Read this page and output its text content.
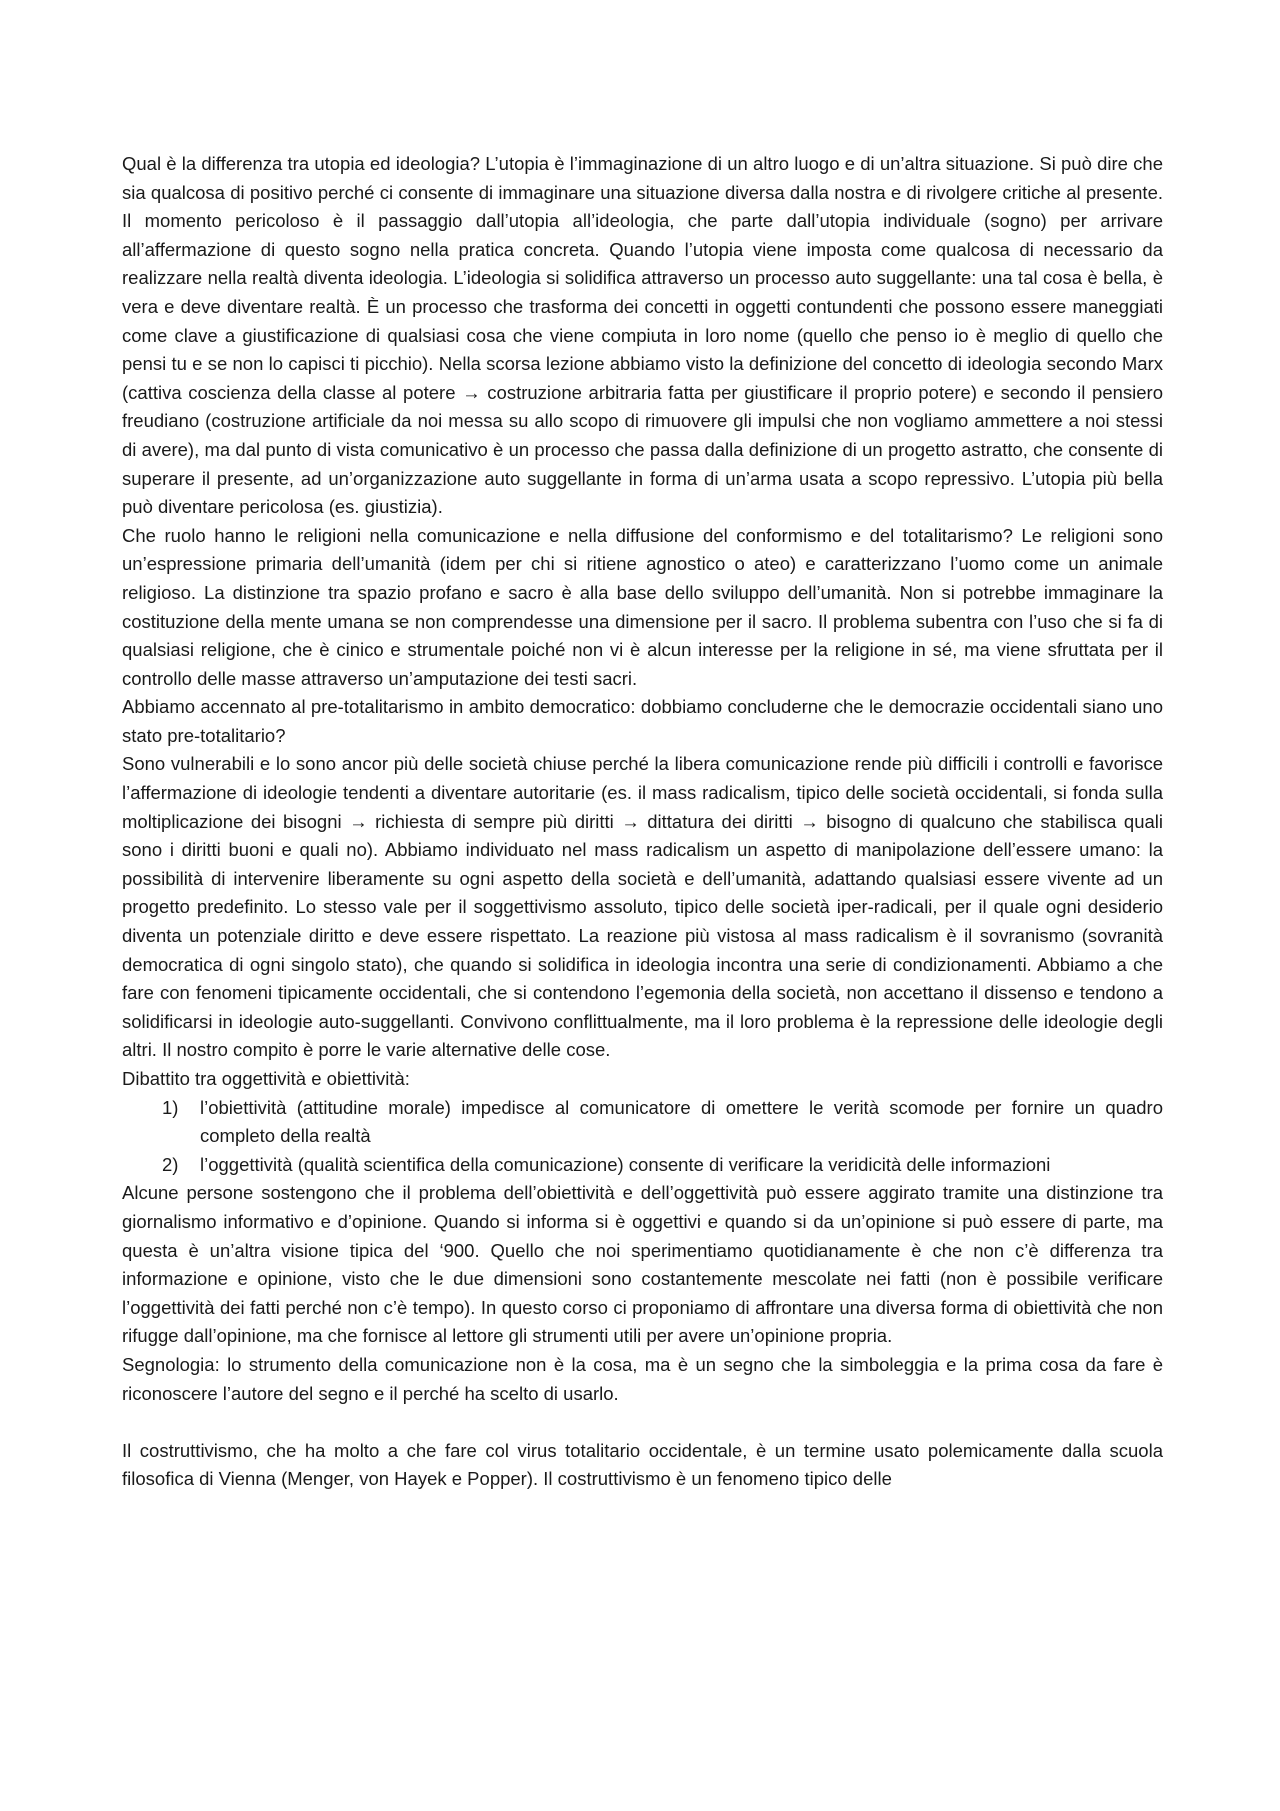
Qual è la differenza tra utopia ed ideologia? L’utopia è l’immaginazione di un altro luogo e di un’altra situazione. Si può dire che sia qualcosa di positivo perché ci consente di immaginare una situazione diversa dalla nostra e di rivolgere critiche al presente. Il momento pericoloso è il passaggio dall’utopia all’ideologia, che parte dall’utopia individuale (sogno) per arrivare all’affermazione di questo sogno nella pratica concreta. Quando l’utopia viene imposta come qualcosa di necessario da realizzare nella realtà diventa ideologia. L’ideologia si solidifica attraverso un processo auto suggellante: una tal cosa è bella, è vera e deve diventare realtà. È un processo che trasforma dei concetti in oggetti contundenti che possono essere maneggiati come clave a giustificazione di qualsiasi cosa che viene compiuta in loro nome (quello che penso io è meglio di quello che pensi tu e se non lo capisci ti picchio). Nella scorsa lezione abbiamo visto la definizione del concetto di ideologia secondo Marx (cattiva coscienza della classe al potere → costruzione arbitraria fatta per giustificare il proprio potere) e secondo il pensiero freudiano (costruzione artificiale da noi messa su allo scopo di rimuovere gli impulsi che non vogliamo ammettere a noi stessi di avere), ma dal punto di vista comunicativo è un processo che passa dalla definizione di un progetto astratto, che consente di superare il presente, ad un’organizzazione auto suggellante in forma di un’arma usata a scopo repressivo. L’utopia più bella può diventare pericolosa (es. giustizia).

Che ruolo hanno le religioni nella comunicazione e nella diffusione del conformismo e del totalitarismo? Le religioni sono un’espressione primaria dell’umanità (idem per chi si ritiene agnostico o ateo) e caratterizzano l’uomo come un animale religioso. La distinzione tra spazio profano e sacro è alla base dello sviluppo dell’umanità. Non si potrebbe immaginare la costituzione della mente umana se non comprendesse una dimensione per il sacro. Il problema subentra con l’uso che si fa di qualsiasi religione, che è cinico e strumentale poiché non vi è alcun interesse per la religione in sé, ma viene sfruttata per il controllo delle masse attraverso un’amputazione dei testi sacri.

Abbiamo accennato al pre-totalitarismo in ambito democratico: dobbiamo concluderne che le democrazie occidentali siano uno stato pre-totalitario?

Sono vulnerabili e lo sono ancor più delle società chiuse perché la libera comunicazione rende più difficili i controlli e favorisce l’affermazione di ideologie tendenti a diventare autoritarie (es. il mass radicalism, tipico delle società occidentali, si fonda sulla moltiplicazione dei bisogni → richiesta di sempre più diritti → dittatura dei diritti → bisogno di qualcuno che stabilisca quali sono i diritti buoni e quali no). Abbiamo individuato nel mass radicalism un aspetto di manipolazione dell’essere umano: la possibilità di intervenire liberamente su ogni aspetto della società e dell’umanità, adattando qualsiasi essere vivente ad un progetto predefinito. Lo stesso vale per il soggettivismo assoluto, tipico delle società iper-radicali, per il quale ogni desiderio diventa un potenziale diritto e deve essere rispettato. La reazione più vistosa al mass radicalism è il sovranismo (sovranità democratica di ogni singolo stato), che quando si solidifica in ideologia incontra una serie di condizionamenti. Abbiamo a che fare con fenomeni tipicamente occidentali, che si contendono l’egemonia della società, non accettano il dissenso e tendono a solidificarsi in ideologie auto-suggellanti. Convivono conflittualmente, ma il loro problema è la repressione delle ideologie degli altri. Il nostro compito è porre le varie alternative delle cose.

Dibattito tra oggettività e obiettività:

1) l’obiettività (attitudine morale) impedisce al comunicatore di omettere le verità scomode per fornire un quadro completo della realtà
2) l’oggettività (qualità scientifica della comunicazione) consente di verificare la veridicità delle informazioni

Alcune persone sostengono che il problema dell’obiettività e dell’oggettività può essere aggirato tramite una distinzione tra giornalismo informativo e d’opinione. Quando si informa si è oggettivi e quando si da un’opinione si può essere di parte, ma questa è un’altra visione tipica del ‘900. Quello che noi sperimentiamo quotidianamente è che non c’è differenza tra informazione e opinione, visto che le due dimensioni sono costantemente mescolate nei fatti (non è possibile verificare l’oggettività dei fatti perché non c’è tempo). In questo corso ci proponiamo di affrontare una diversa forma di obiettività che non rifugge dall’opinione, ma che fornisce al lettore gli strumenti utili per avere un’opinione propria.

Segnologia: lo strumento della comunicazione non è la cosa, ma è un segno che la simboleggia e la prima cosa da fare è riconoscere l’autore del segno e il perché ha scelto di usarlo.

Il costruttivismo, che ha molto a che fare col virus totalitario occidentale, è un termine usato polemicamente dalla scuola filosofica di Vienna (Menger, von Hayek e Popper). Il costruttivismo è un fenomeno tipico delle
